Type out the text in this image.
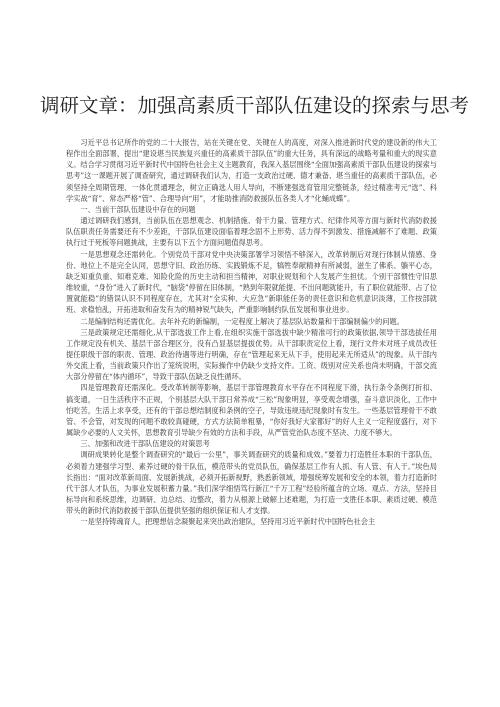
调研文章：加强高素质干部队伍建设的探索与思考

习近平总书记所作的党的二十大报告，站在关键在党、关键在人的高度，对深入推进新时代党的建设新的伟大工程作出全面部署，提出“建设堪当民族复兴重任的高素质干部队伍”的重大任务，具有深远的战略考量和重大的现实意义。结合学习贯彻习近平新时代中国特色社会主义主题教育，我深入基层围绕“全面加强高素质干部队伍建设的探索与思考”这一课题开展了调查研究，通过调研我们认为，打造一支政治过硬、德才兼备、堪当重任的高素质干部队伍，必须坚持全周期管理、一体化贯通理念，树立正确选人用人导向，不断建强选育管用完整链条，经过精准考元“选”、科学实战“育”、常态严格“管”、合理导向“用”，才能助推消防救援队伍各类人才“化蛹成蝶”。

一、当前干部队伍建设中存在的问题

通过调研我们感到，当前队伍在思想观念、机制措施、骨干力量、管理方式、纪律作风等方面与新时代消防救援队伍职责任务需要还有不少差距，干部队伍建设面临着理念固不上形势、活力得不到激发、措施减解不了难题、政策执行过于死板等问题挑战，主要有以下五个方面问题值得思考。

一是思想观念还需转化。个别党员干部对党中央决策部署学习领悟不够深入，改革转制后对现行体制从情感、身份、地位上不是完全认同，思想守旧、政治历练、实践锻炼不足，犒牲奉献精神有所减弱，滋生了佛系、躺平心态，缺乏知重负重、知难克难、知险化险的历史主动和担当精神，对职业规划和个人发展产生担忧。个别干部惯性守旧思维较重，“身份”进入了新时代，“脑袋”停留在旧体制，“熟到年限就能提、不出问题就能升，有了职位就能带、占了位置就能稳”的错误认识不同程度存在，尤其对“全实种、大应急”新职能任务的责任意识和危机意识淡薄，工作按部就班、求稳怕乱，开拓进取和奋发有为的精神锐气缺失，严重影响制约队伍发展和事业进步。

二是编制结构还需优化。去年补充的新编制，一定程度上解决了基层队站数量和干部编制偏少的问题。

三是政策规定还需细化,从干部选拔工作上看,在组织实施干部选拔中缺少精准可行的政策依据,领导干部选拔任用工作规定没有机关、基层干部合理区分，没有凸显基层提拔优势。从干部职责定位上看，现行文件未对班子成员改任提任职级干部的职责、管理、政治待遇等进行明确，存在“管理起来无从下手，使用起来无所适从”的现象。从干部内外交流上看，当前政策只作出了笼统说明，实际操作中仍缺少支持文件。工资、级别对应关系也尚未明确，干部交流大部分停留在“体内循环”，导致干部队伍缺乏良性循环。

四是管理教育还需深化。受改革转制等影响，基层干部管理教育水平存在不同程度下滑，执行条令条例打折扣、搞变通，一日生活秩序不正规，个别基层大队干部日常养成“三松”现象明显，享受观念增强，奋斗意识淡化，工作中怕吃苦，生活上求享受，还有的干部总想结制度和条例的空子，导致违规违纪现象时有发生。一些基层管理骨干不敢管、不会管，对发现的问题不敢较真碰硬，方式方法简单粗暴，“你好我好大家都好”的好人主义一定程度盛行，对下属缺少必要的人文关怀，思想教育引导缺少有效的方法和手段，从严管党治队态度不坚决、力度不够大。

三、加强和改进干部队伍建设的对策思考

调研成果转化是整个调查研究的“最后一公里”，事关调查研究的质量和成效。”要着力打造胜任本职的干部队伍，必须着力建强学习型、素养过硬的骨干队伍，模范带头的党员队伍，确保基层工作有人抓、有人管、有人干。”埃色局长指出：“面对改革新局面、发展新挑战，必须开拓新视野，熟悉新领域，增强统筹发展和安全的本领，着力打造新时代干部人才队伍，为事业发展积蓄力量。”我们深学细悟笃行新江“千万工程”经验所蕴含的立场、观点、方法，坚持目标导向和系统思维，边调研、边总结、边整改，着力从根源上破解上述难题，为打造一支胜任本职、素质过硬、模范带头的新时代消防救援干部队伍提供坚强的组织保证和人才支撑。

一是坚持铸魂育人，把理想信念凝聚起来突出政治建队，坚持用习近平新时代中国特色社会主
